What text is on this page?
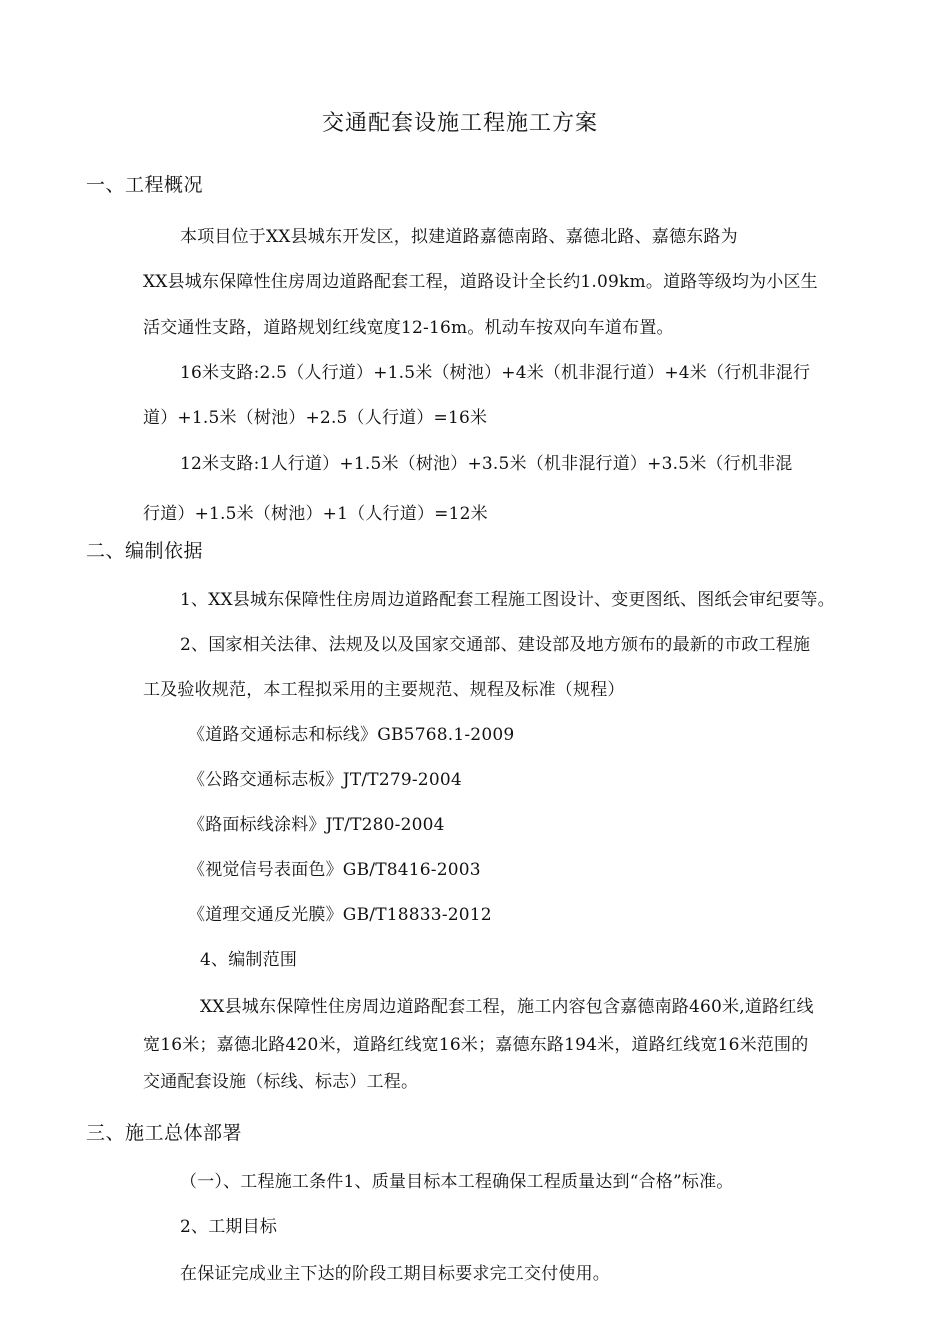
交通配套设施工程施工方案
一、工程概况
本项目位于XX县城东开发区，拟建道路嘉德南路、嘉德北路、嘉德东路为
XX县城东保障性住房周边道路配套工程，道路设计全长约1.09km。道路等级均为小区生
活交通性支路，道路规划红线宽度12-16m。机动车按双向车道布置。
16米支路:2.5（人行道）+1.5米（树池）+4米（机非混行道）+4米（行机非混行
道）+1.5米（树池）+2.5（人行道）=16米
12米支路:1人行道）+1.5米（树池）+3.5米（机非混行道）+3.5米（行机非混
行道）+1.5米（树池）+1（人行道）=12米
二、编制依据
1、XX县城东保障性住房周边道路配套工程施工图设计、变更图纸、图纸会审纪要等。
2、国家相关法律、法规及以及国家交通部、建设部及地方颁布的最新的市政工程施
工及验收规范，本工程拟采用的主要规范、规程及标准（规程）
《道路交通标志和标线》GB5768.1-2009
《公路交通标志板》JT/T279-2004
《路面标线涂料》JT/T280-2004
《视觉信号表面色》GB/T8416-2003
《道理交通反光膜》GB/T18833-2012
4、编制范围
XX县城东保障性住房周边道路配套工程，施工内容包含嘉德南路460米,道路红线
宽16米；嘉德北路420米，道路红线宽16米；嘉德东路194米，道路红线宽16米范围的
交通配套设施（标线、标志）工程。
三、施工总体部署
（一）、工程施工条件1、质量目标本工程确保工程质量达到“合格”标准。
2、工期目标
在保证完成业主下达的阶段工期目标要求完工交付使用。
